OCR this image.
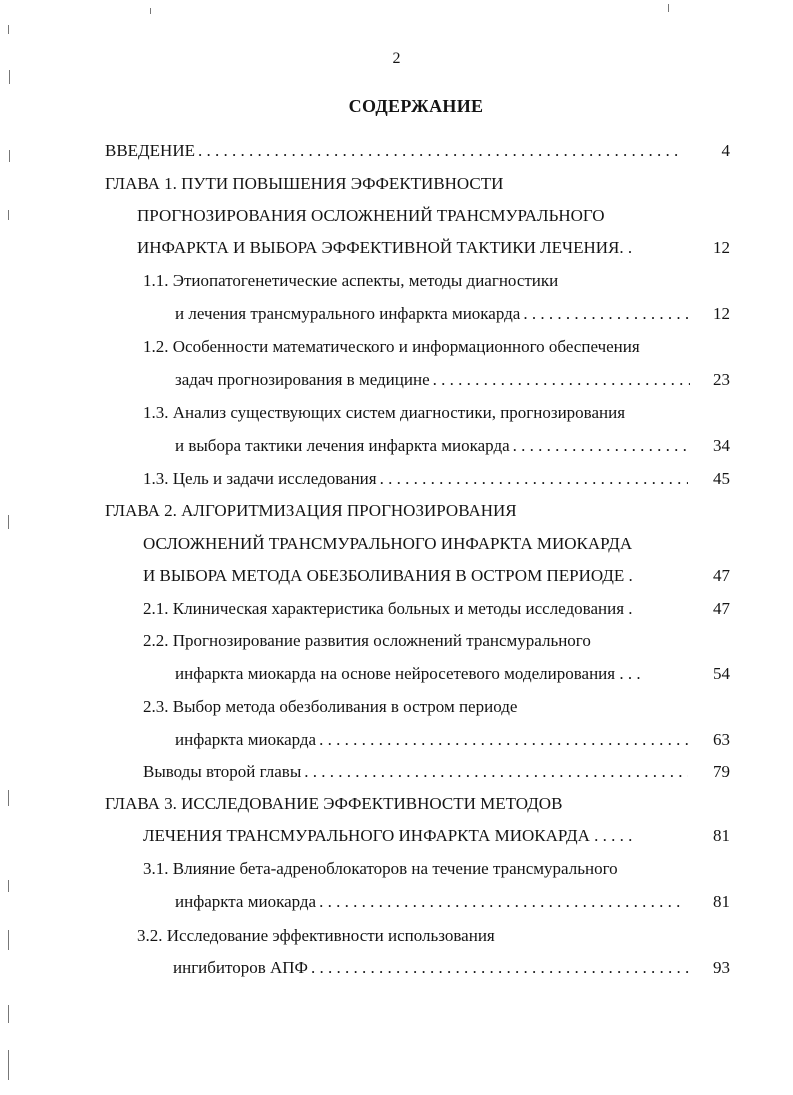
2
СОДЕРЖАНИЕ
ВВЕДЕНИЕ . . .	4
ГЛАВА 1. ПУТИ ПОВЫШЕНИЯ ЭФФЕКТИВНОСТИ
ПРОГНОЗИРОВАНИЯ ОСЛОЖНЕНИЙ ТРАНСМУРАЛЬНОГО
ИНФАРКТА И ВЫБОРА ЭФФЕКТИВНОЙ ТАКТИКИ ЛЕЧЕНИЯ. .	12
1.1. Этиопатогенетические аспекты, методы диагностики
и лечения трансмурального инфаркта миокарда . . .	12
1.2. Особенности математического и информационного обеспечения
задач прогнозирования в медицине . . .	23
1.3. Анализ существующих систем диагностики, прогнозирования
и выбора тактики лечения инфаркта миокарда . . .	34
1.3. Цель и задачи исследования . . .	45
ГЛАВА 2. АЛГОРИТМИЗАЦИЯ ПРОГНОЗИРОВАНИЯ
ОСЛОЖНЕНИЙ ТРАНСМУРАЛЬНОГО ИНФАРКТА МИОКАРДА
И ВЫБОРА МЕТОДА ОБЕЗБОЛИВАНИЯ В ОСТРОМ ПЕРИОДЕ .	47
2.1. Клиническая характеристика больных и методы исследования .	47
2.2. Прогнозирование развития осложнений трансмурального
инфаркта миокарда на основе нейросетевого моделирования . . .	54
2.3. Выбор метода обезболивания в остром периоде
инфаркта миокарда . . .	63
Выводы второй главы . . .	79
ГЛАВА 3. ИССЛЕДОВАНИЕ ЭФФЕКТИВНОСТИ МЕТОДОВ
ЛЕЧЕНИЯ ТРАНСМУРАЛЬНОГО ИНФАРКТА МИОКАРДА . . . . .	81
3.1. Влияние бета-адреноблокаторов на течение трансмурального
инфаркта миокарда . . .	81
3.2. Исследование эффективности использования
ингибиторов АПФ . . .	93
